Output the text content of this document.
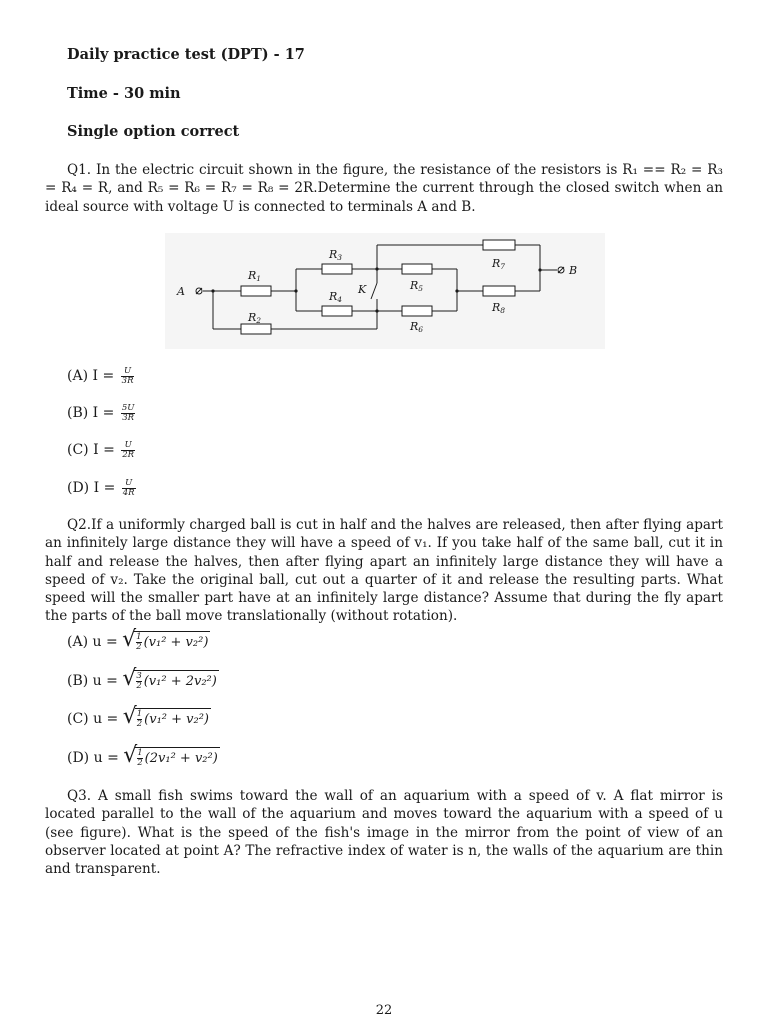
Daily practice test (DPT) - 17
Time - 30 min
Single option correct
Q1. In the electric circuit shown in the figure, the resistance of the resistors is R₁ == R₂ = R₃ = R₄ = R, and R₅ = R₆ = R₇ = R₈ = 2R.Determine the current through the closed switch when an ideal source with voltage U is connected to terminals A and B.
A
B
K
R1
R2
R3
R4
R5
R6
R7
R8
(A) $I = \frac{U}{3R}$
(B) $I = \frac{5U}{3R}$
(C) $I = \frac{U}{2R}$
(D) $I = \frac{U}{4R}$
Q2.If a uniformly charged ball is cut in half and the halves are released, then after flying apart an infinitely large distance they will have a speed of v₁. If you take half of the same ball, cut it in half and release the halves, then after flying apart an infinitely large distance they will have a speed of v₂. Take the original ball, cut out a quarter of it and release the resulting parts. What speed will the smaller part have at an infinitely large distance? Assume that during the fly apart the parts of the ball move translationally (without rotation).
(A) u = √ $\frac{1}{2} (v_1^2 + v_2^2)$
(B) u = √ $\frac{3}{2} (v_1^2 + 2v_2^2)$
(C) u = √ $\frac{1}{2} (v_1^2 + v_2^2)$
(D) u = √ $\frac{1}{2} (2v_1^2 + v_2^2)$
Q3. A small fish swims toward the wall of an aquarium with a speed of v. A flat mirror is located parallel to the wall of the aquarium and moves toward the aquarium with a speed of u (see figure). What is the speed of the fish's image in the mirror from the point of view of an observer located at point A? The refractive index of water is n, the walls of the aquarium are thin and transparent.
22
